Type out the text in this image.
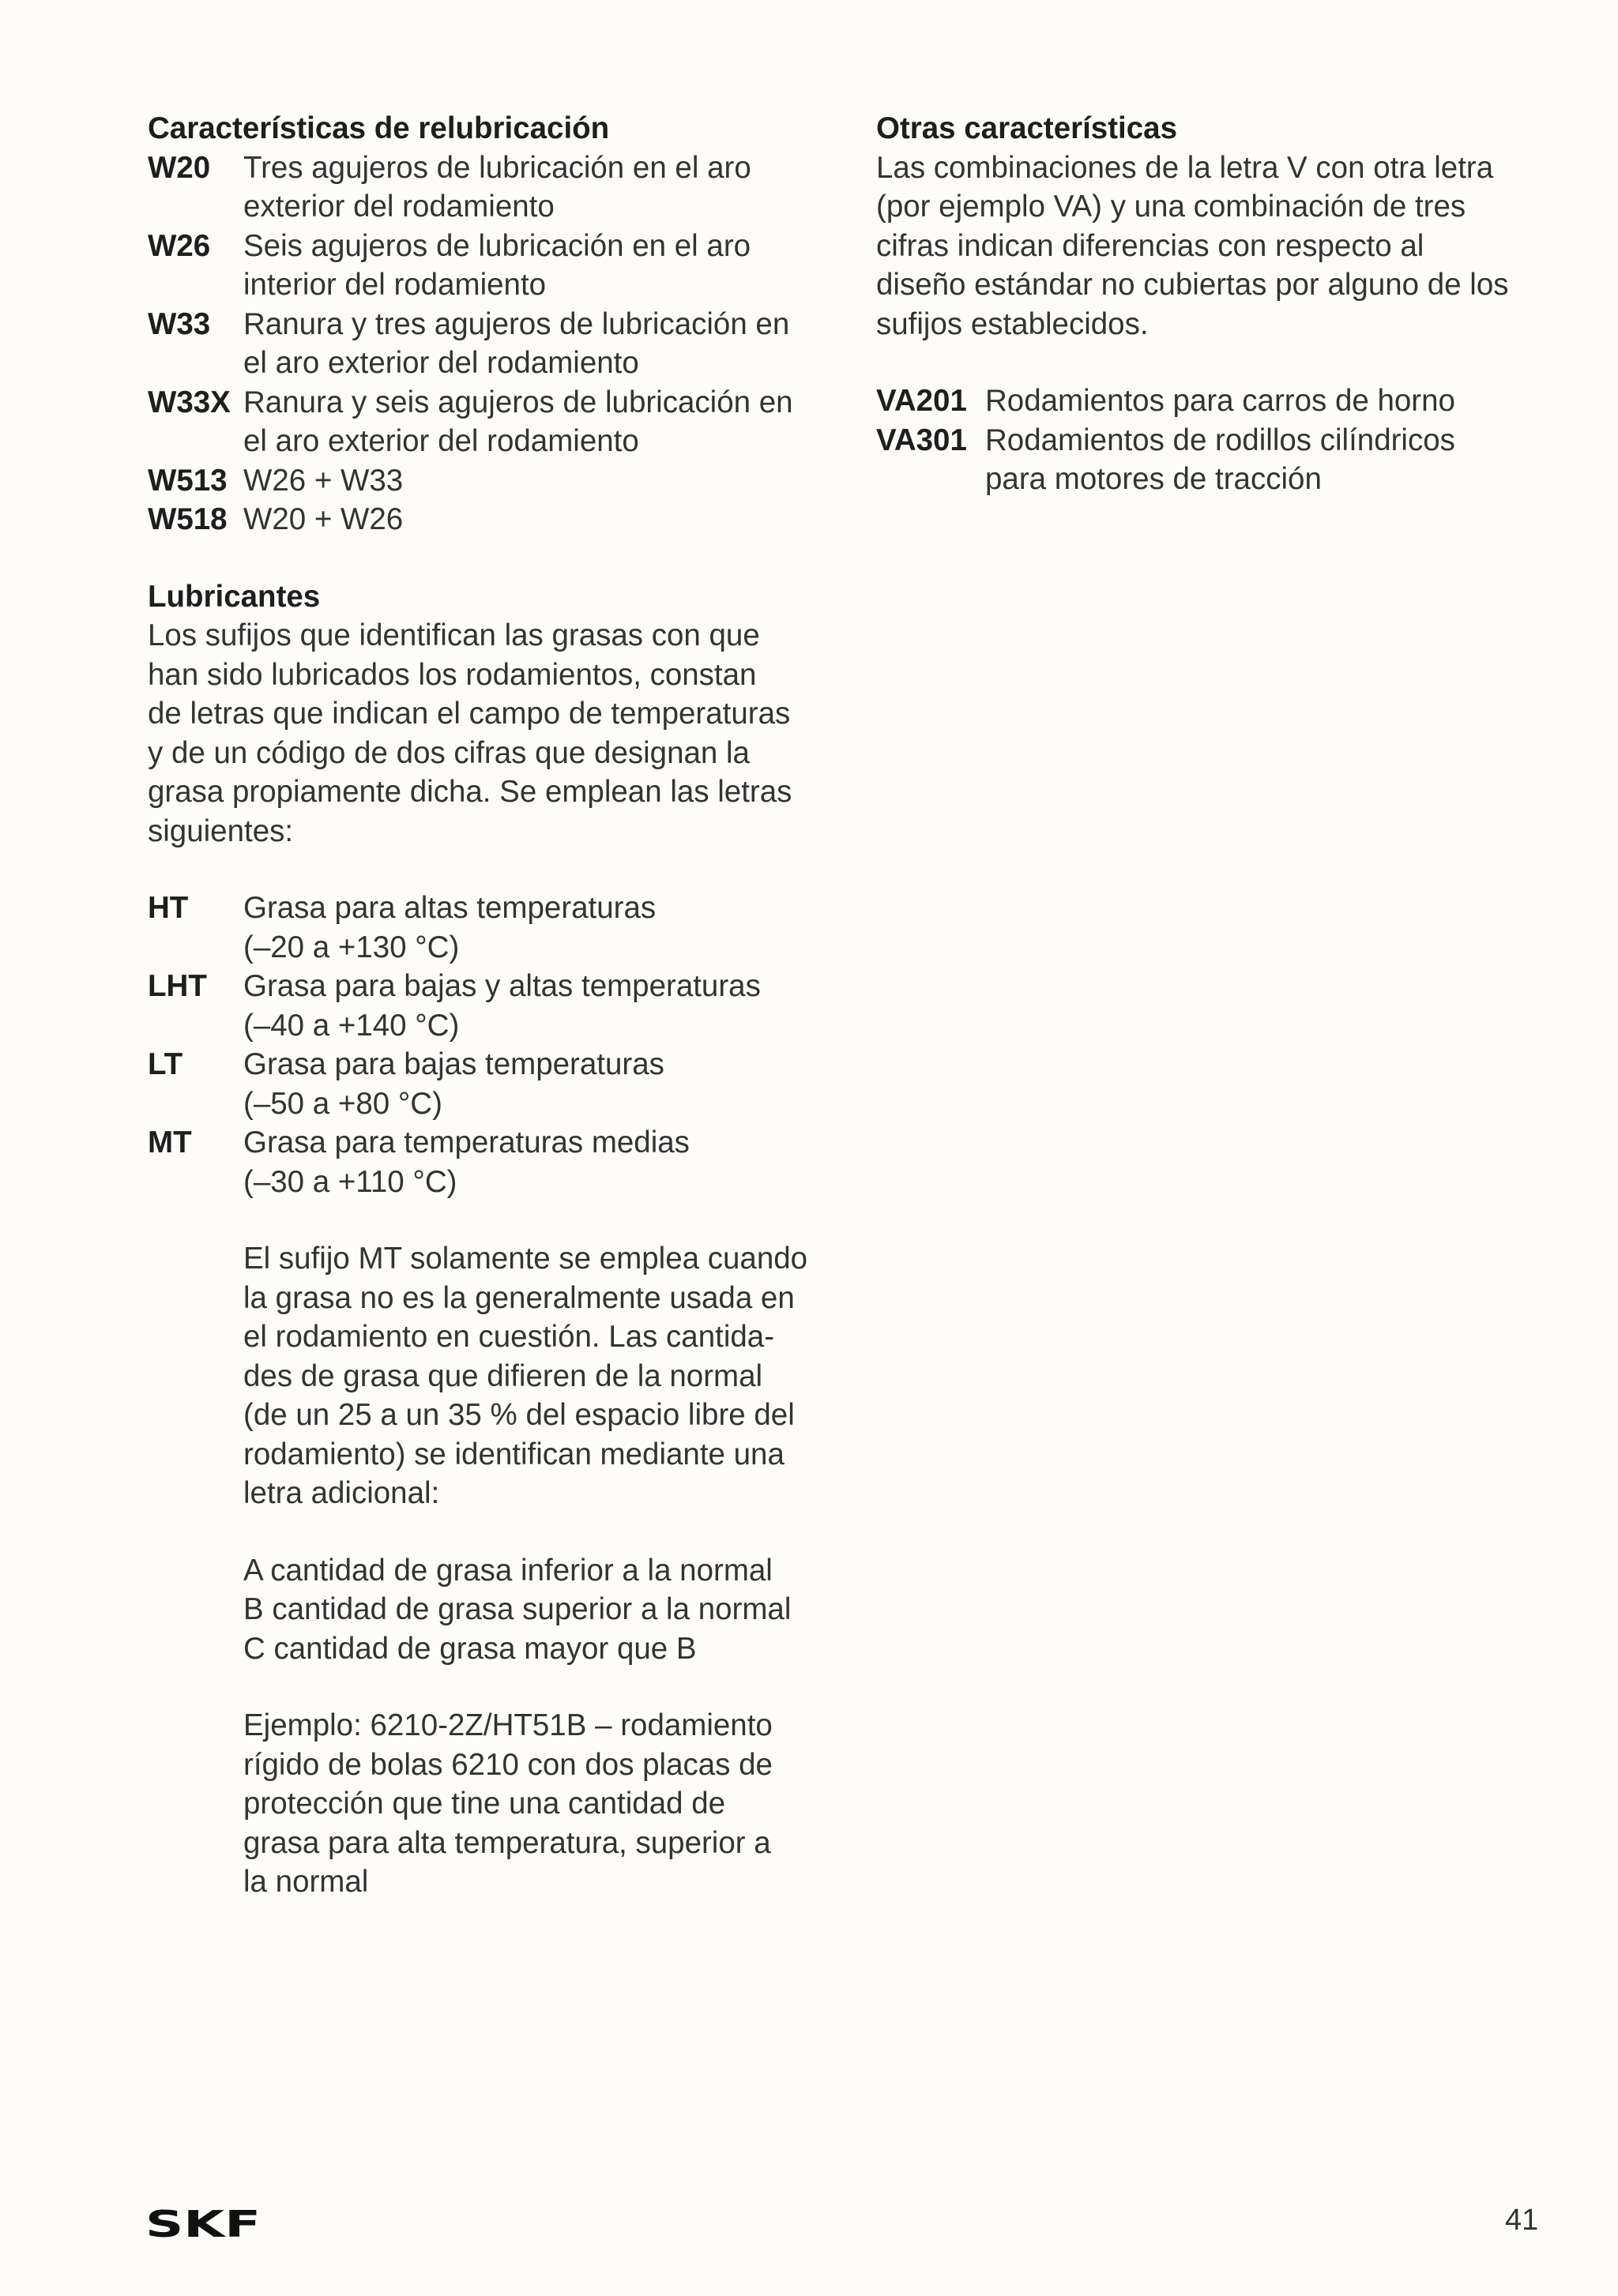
Características de relubricación
W20	Tres agujeros de lubricación en el aro
exterior del rodamiento
W26	Seis agujeros de lubricación en el aro
interior del rodamiento
W33	Ranura y tres agujeros de lubricación en
el aro exterior del rodamiento
W33X Ranura y seis agujeros de lubricación en
el aro exterior del rodamiento
W513 W26 + W33
W518 W20 + W26
Lubricantes
Los sufijos que identifican las grasas con que
han sido lubricados los rodamientos, constan
de letras que indican el campo de temperaturas
y de un código de dos cifras que designan la
grasa propiamente dicha. Se emplean las letras
siguientes:
HT	Grasa para altas temperaturas
(–20 a +130 °C)
LHT	Grasa para bajas y altas temperaturas
(–40 a +140 °C)
LT	Grasa para bajas temperaturas
(–50 a +80 °C)
MT	Grasa para temperaturas medias
(–30 a +110 °C)
El sufijo MT solamente se emplea cuando
la grasa no es la generalmente usada en
el rodamiento en cuestión. Las cantida-
des de grasa que difieren de la normal
(de un 25 a un 35 % del espacio libre del
rodamiento) se identifican mediante una
letra adicional:
A cantidad de grasa inferior a la normal
B cantidad de grasa superior a la normal
C cantidad de grasa mayor que B
Ejemplo: 6210-2Z/HT51B – rodamiento
rígido de bolas 6210 con dos placas de
protección que tine una cantidad de
grasa para alta temperatura, superior a
la normal
Otras características
Las combinaciones de la letra V con otra letra
(por ejemplo VA) y una combinación de tres
cifras indican diferencias con respecto al
diseño estándar no cubiertas por alguno de los
sufijos establecidos.
VA201 Rodamientos para carros de horno
VA301 Rodamientos de rodillos cilíndricos
para motores de tracción
SKF	41
